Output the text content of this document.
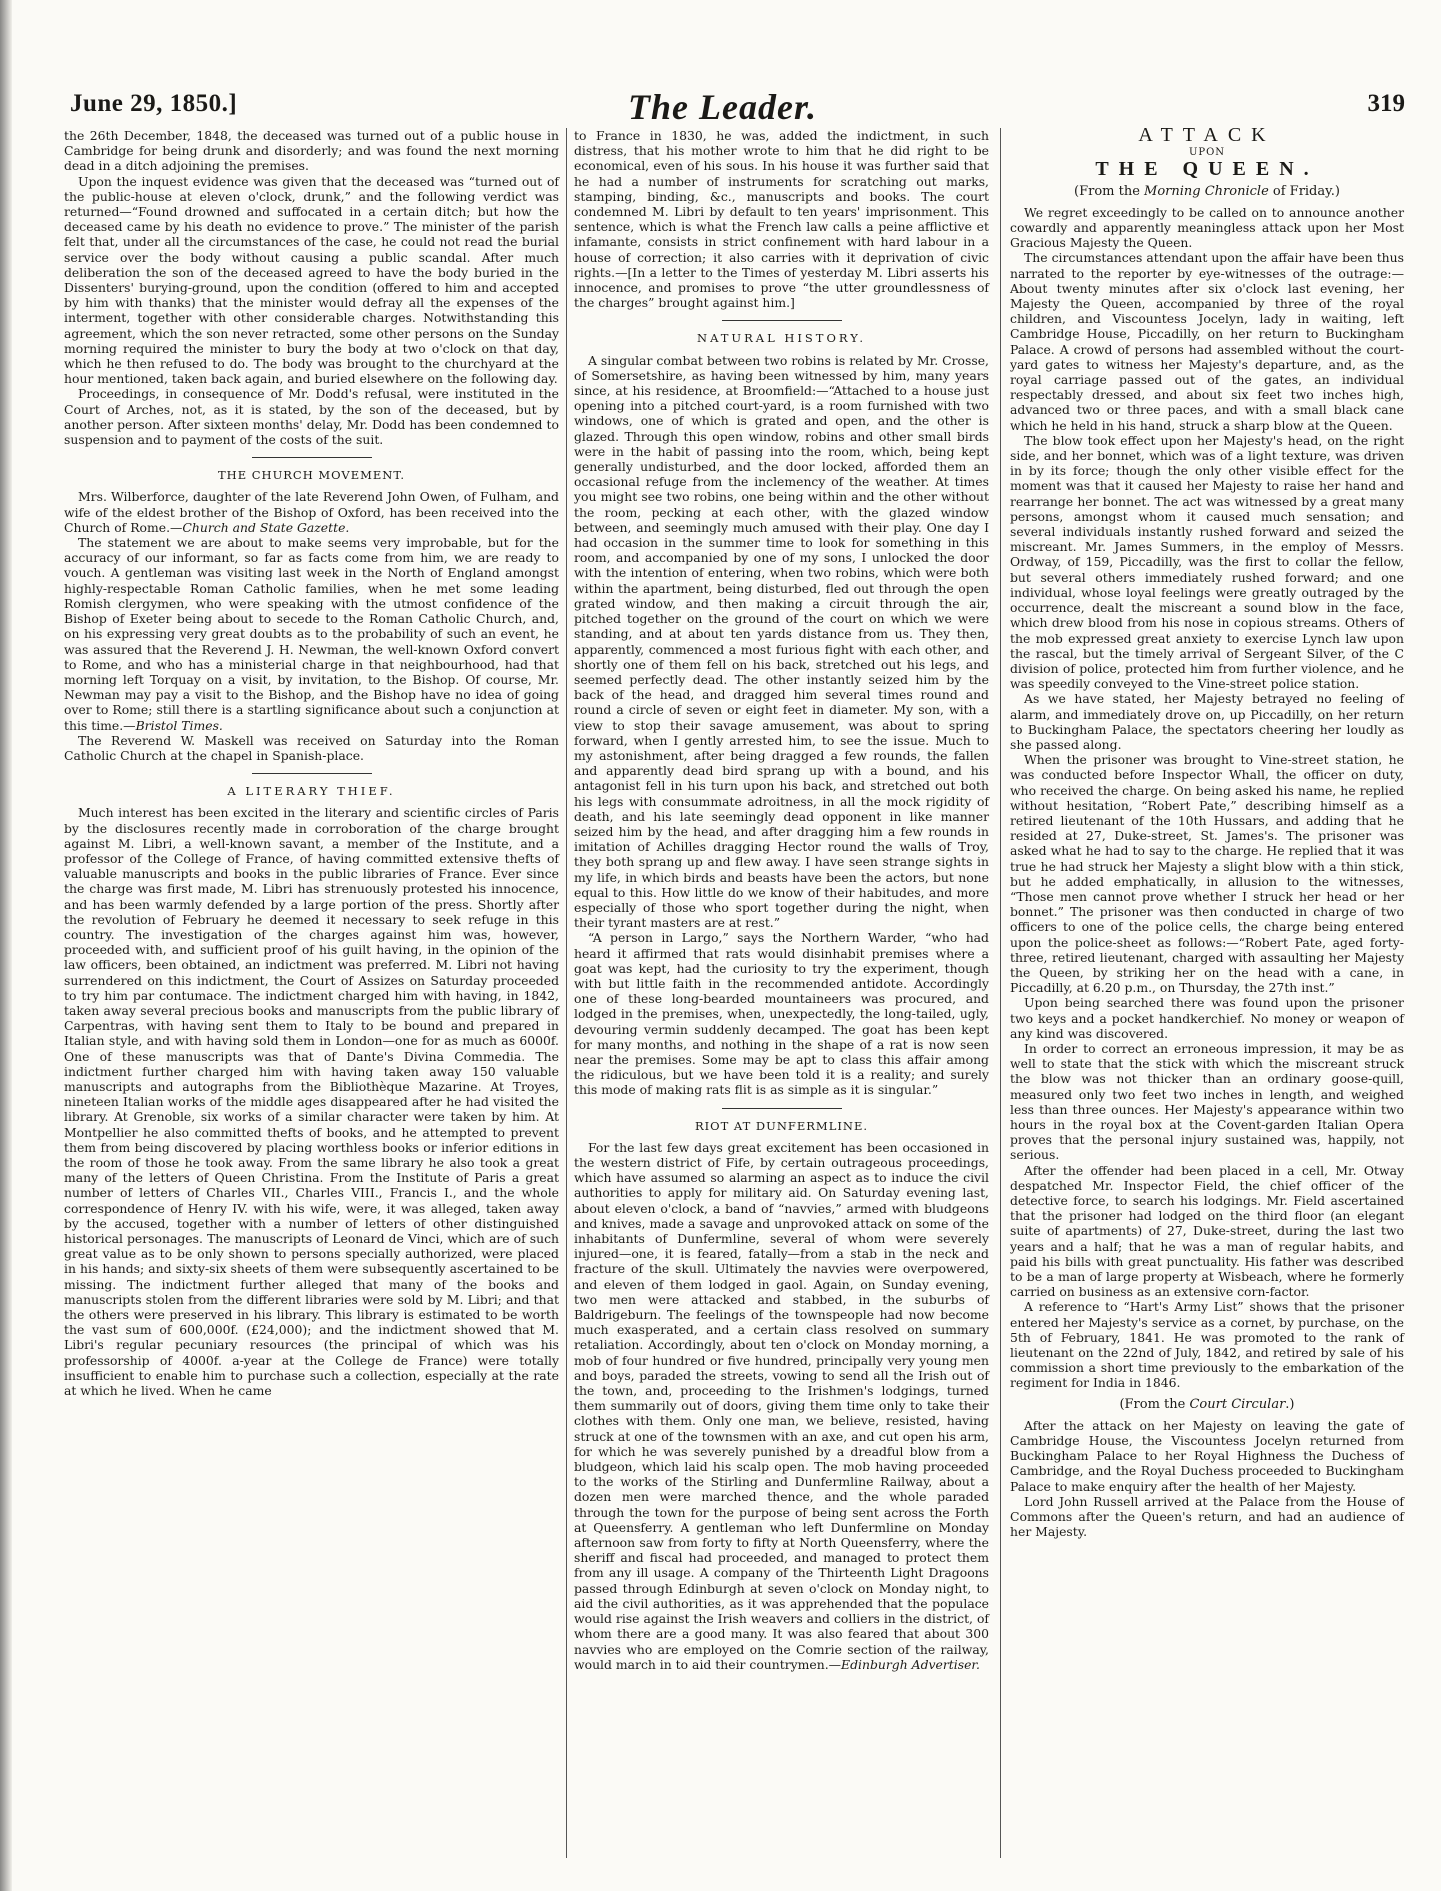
June 29, 1850.]	The Leader.	319

the 26th December, 1848, the deceased was turned out of a public house in Cambridge for being drunk and disorderly; and was found the next morning dead in a ditch adjoining the premises.

Upon the inquest evidence was given that the deceased was “turned out of the public-house at eleven o'clock, drunk,” and the following verdict was returned—“Found drowned and suffocated in a certain ditch; but how the deceased came by his death no evidence to prove.” The minister of the parish felt that, under all the circumstances of the case, he could not read the burial service over the body without causing a public scandal. After much deliberation the son of the deceased agreed to have the body buried in the Dissenters' burying-ground, upon the condition (offered to him and accepted by him with thanks) that the minister would defray all the expenses of the interment, together with other considerable charges. Notwithstanding this agreement, which the son never retracted, some other persons on the Sunday morning required the minister to bury the body at two o'clock on that day, which he then refused to do. The body was brought to the churchyard at the hour mentioned, taken back again, and buried elsewhere on the following day.

Proceedings, in consequence of Mr. Dodd's refusal, were instituted in the Court of Arches, not, as it is stated, by the son of the deceased, but by another person. After sixteen months' delay, Mr. Dodd has been condemned to suspension and to payment of the costs of the suit.

THE CHURCH MOVEMENT.

Mrs. Wilberforce, daughter of the late Reverend John Owen, of Fulham, and wife of the eldest brother of the Bishop of Oxford, has been received into the Church of Rome.—Church and State Gazette.

The statement we are about to make seems very improbable, but for the accuracy of our informant, so far as facts come from him, we are ready to vouch. A gentleman was visiting last week in the North of England amongst highly-respectable Roman Catholic families, when he met some leading Romish clergymen, who were speaking with the utmost confidence of the Bishop of Exeter being about to secede to the Roman Catholic Church, and, on his expressing very great doubts as to the probability of such an event, he was assured that the Reverend J. H. Newman, the well-known Oxford convert to Rome, and who has a ministerial charge in that neighbourhood, had that morning left Torquay on a visit, by invitation, to the Bishop. Of course, Mr. Newman may pay a visit to the Bishop, and the Bishop have no idea of going over to Rome; still there is a startling significance about such a conjunction at this time.—Bristol Times.

The Reverend W. Maskell was received on Saturday into the Roman Catholic Church at the chapel in Spanish-place.

A LITERARY THIEF.

Much interest has been excited in the literary and scientific circles of Paris by the disclosures recently made in corroboration of the charge brought against M. Libri, a well-known savant, a member of the Institute, and a professor of the College of France, of having committed extensive thefts of valuable manuscripts and books in the public libraries of France. Ever since the charge was first made, M. Libri has strenuously protested his innocence, and has been warmly defended by a large portion of the press. Shortly after the revolution of February he deemed it necessary to seek refuge in this country. The investigation of the charges against him was, however, proceeded with, and sufficient proof of his guilt having, in the opinion of the law officers, been obtained, an indictment was preferred. M. Libri not having surrendered on this indictment, the Court of Assizes on Saturday proceeded to try him par contumace. The indictment charged him with having, in 1842, taken away several precious books and manuscripts from the public library of Carpentras, with having sent them to Italy to be bound and prepared in Italian style, and with having sold them in London—one for as much as 6000f. One of these manuscripts was that of Dante's Divina Commedia. The indictment further charged him with having taken away 150 valuable manuscripts and autographs from the Bibliothèque Mazarine. At Troyes, nineteen Italian works of the middle ages disappeared after he had visited the library. At Grenoble, six works of a similar character were taken by him. At Montpellier he also committed thefts of books, and he attempted to prevent them from being discovered by placing worthless books or inferior editions in the room of those he took away. From the same library he also took a great many of the letters of Queen Christina. From the Institute of Paris a great number of letters of Charles VII., Charles VIII., Francis I., and the whole correspondence of Henry IV. with his wife, were, it was alleged, taken away by the accused, together with a number of letters of other distinguished historical personages. The manuscripts of Leonard de Vinci, which are of such great value as to be only shown to persons specially authorized, were placed in his hands; and sixty-six sheets of them were subsequently ascertained to be missing. The indictment further alleged that many of the books and manuscripts stolen from the different libraries were sold by M. Libri; and that the others were preserved in his library. This library is estimated to be worth the vast sum of 600,000f. (£24,000); and the indictment showed that M. Libri's regular pecuniary resources (the principal of which was his professorship of 4000f. a-year at the College de France) were totally insufficient to enable him to purchase such a collection, especially at the rate at which he lived. When he came

to France in 1830, he was, added the indictment, in such distress, that his mother wrote to him that he did right to be economical, even of his sous. In his house it was further said that he had a number of instruments for scratching out marks, stamping, binding, &c., manuscripts and books. The court condemned M. Libri by default to ten years' imprisonment. This sentence, which is what the French law calls a peine afflictive et infamante, consists in strict confinement with hard labour in a house of correction; it also carries with it deprivation of civic rights.—[In a letter to the Times of yesterday M. Libri asserts his innocence, and promises to prove “the utter groundlessness of the charges” brought against him.]

NATURAL HISTORY.

A singular combat between two robins is related by Mr. Crosse, of Somersetshire, as having been witnessed by him, many years since, at his residence, at Broomfield:—“Attached to a house just opening into a pitched court-yard, is a room furnished with two windows, one of which is grated and open, and the other is glazed. Through this open window, robins and other small birds were in the habit of passing into the room, which, being kept generally undisturbed, and the door locked, afforded them an occasional refuge from the inclemency of the weather. At times you might see two robins, one being within and the other without the room, pecking at each other, with the glazed window between, and seemingly much amused with their play. One day I had occasion in the summer time to look for something in this room, and accompanied by one of my sons, I unlocked the door with the intention of entering, when two robins, which were both within the apartment, being disturbed, fled out through the open grated window, and then making a circuit through the air, pitched together on the ground of the court on which we were standing, and at about ten yards distance from us. They then, apparently, commenced a most furious fight with each other, and shortly one of them fell on his back, stretched out his legs, and seemed perfectly dead. The other instantly seized him by the back of the head, and dragged him several times round and round a circle of seven or eight feet in diameter. My son, with a view to stop their savage amusement, was about to spring forward, when I gently arrested him, to see the issue. Much to my astonishment, after being dragged a few rounds, the fallen and apparently dead bird sprang up with a bound, and his antagonist fell in his turn upon his back, and stretched out both his legs with consummate adroitness, in all the mock rigidity of death, and his late seemingly dead opponent in like manner seized him by the head, and after dragging him a few rounds in imitation of Achilles dragging Hector round the walls of Troy, they both sprang up and flew away. I have seen strange sights in my life, in which birds and beasts have been the actors, but none equal to this. How little do we know of their habitudes, and more especially of those who sport together during the night, when their tyrant masters are at rest.”

“A person in Largo,” says the Northern Warder, “who had heard it affirmed that rats would disinhabit premises where a goat was kept, had the curiosity to try the experiment, though with but little faith in the recommended antidote. Accordingly one of these long-bearded mountaineers was procured, and lodged in the premises, when, unexpectedly, the long-tailed, ugly, devouring vermin suddenly decamped. The goat has been kept for many months, and nothing in the shape of a rat is now seen near the premises. Some may be apt to class this affair among the ridiculous, but we have been told it is a reality; and surely this mode of making rats flit is as simple as it is singular.”

RIOT AT DUNFERMLINE.

For the last few days great excitement has been occasioned in the western district of Fife, by certain outrageous proceedings, which have assumed so alarming an aspect as to induce the civil authorities to apply for military aid. On Saturday evening last, about eleven o'clock, a band of “navvies,” armed with bludgeons and knives, made a savage and unprovoked attack on some of the inhabitants of Dunfermline, several of whom were severely injured—one, it is feared, fatally—from a stab in the neck and fracture of the skull. Ultimately the navvies were overpowered, and eleven of them lodged in gaol. Again, on Sunday evening, two men were attacked and stabbed, in the suburbs of Baldrigeburn. The feelings of the townspeople had now become much exasperated, and a certain class resolved on summary retaliation. Accordingly, about ten o'clock on Monday morning, a mob of four hundred or five hundred, principally very young men and boys, paraded the streets, vowing to send all the Irish out of the town, and, proceeding to the Irishmen's lodgings, turned them summarily out of doors, giving them time only to take their clothes with them. Only one man, we believe, resisted, having struck at one of the townsmen with an axe, and cut open his arm, for which he was severely punished by a dreadful blow from a bludgeon, which laid his scalp open. The mob having proceeded to the works of the Stirling and Dunfermline Railway, about a dozen men were marched thence, and the whole paraded through the town for the purpose of being sent across the Forth at Queensferry. A gentleman who left Dunfermline on Monday afternoon saw from forty to fifty at North Queensferry, where the sheriff and fiscal had proceeded, and managed to protect them from any ill usage. A company of the Thirteenth Light Dragoons passed through Edinburgh at seven o'clock on Monday night, to aid the civil authorities, as it was apprehended that the populace would rise against the Irish weavers and colliers in the district, of whom there are a good many. It was also feared that about 300 navvies who are employed on the Comrie section of the railway, would march in to aid their countrymen.—Edinburgh Advertiser.

ATTACK
UPON
THE QUEEN.
(From the Morning Chronicle of Friday.)

We regret exceedingly to be called on to announce another cowardly and apparently meaningless attack upon her Most Gracious Majesty the Queen.

The circumstances attendant upon the affair have been thus narrated to the reporter by eye-witnesses of the outrage:—About twenty minutes after six o'clock last evening, her Majesty the Queen, accompanied by three of the royal children, and Viscountess Jocelyn, lady in waiting, left Cambridge House, Piccadilly, on her return to Buckingham Palace. A crowd of persons had assembled without the court-yard gates to witness her Majesty's departure, and, as the royal carriage passed out of the gates, an individual respectably dressed, and about six feet two inches high, advanced two or three paces, and with a small black cane which he held in his hand, struck a sharp blow at the Queen.

The blow took effect upon her Majesty's head, on the right side, and her bonnet, which was of a light texture, was driven in by its force; though the only other visible effect for the moment was that it caused her Majesty to raise her hand and rearrange her bonnet. The act was witnessed by a great many persons, amongst whom it caused much sensation; and several individuals instantly rushed forward and seized the miscreant. Mr. James Summers, in the employ of Messrs. Ordway, of 159, Piccadilly, was the first to collar the fellow, but several others immediately rushed forward; and one individual, whose loyal feelings were greatly outraged by the occurrence, dealt the miscreant a sound blow in the face, which drew blood from his nose in copious streams. Others of the mob expressed great anxiety to exercise Lynch law upon the rascal, but the timely arrival of Sergeant Silver, of the C division of police, protected him from further violence, and he was speedily conveyed to the Vine-street police station.

As we have stated, her Majesty betrayed no feeling of alarm, and immediately drove on, up Piccadilly, on her return to Buckingham Palace, the spectators cheering her loudly as she passed along.

When the prisoner was brought to Vine-street station, he was conducted before Inspector Whall, the officer on duty, who received the charge. On being asked his name, he replied without hesitation, “Robert Pate,” describing himself as a retired lieutenant of the 10th Hussars, and adding that he resided at 27, Duke-street, St. James's. The prisoner was asked what he had to say to the charge. He replied that it was true he had struck her Majesty a slight blow with a thin stick, but he added emphatically, in allusion to the witnesses, “Those men cannot prove whether I struck her head or her bonnet.” The prisoner was then conducted in charge of two officers to one of the police cells, the charge being entered upon the police-sheet as follows:—“Robert Pate, aged forty-three, retired lieutenant, charged with assaulting her Majesty the Queen, by striking her on the head with a cane, in Piccadilly, at 6.20 p.m., on Thursday, the 27th inst.”

Upon being searched there was found upon the prisoner two keys and a pocket handkerchief. No money or weapon of any kind was discovered.

In order to correct an erroneous impression, it may be as well to state that the stick with which the miscreant struck the blow was not thicker than an ordinary goose-quill, measured only two feet two inches in length, and weighed less than three ounces. Her Majesty's appearance within two hours in the royal box at the Covent-garden Italian Opera proves that the personal injury sustained was, happily, not serious.

After the offender had been placed in a cell, Mr. Otway despatched Mr. Inspector Field, the chief officer of the detective force, to search his lodgings. Mr. Field ascertained that the prisoner had lodged on the third floor (an elegant suite of apartments) of 27, Duke-street, during the last two years and a half; that he was a man of regular habits, and paid his bills with great punctuality. His father was described to be a man of large property at Wisbeach, where he formerly carried on business as an extensive corn-factor.

A reference to “Hart's Army List” shows that the prisoner entered her Majesty's service as a cornet, by purchase, on the 5th of February, 1841. He was promoted to the rank of lieutenant on the 22nd of July, 1842, and retired by sale of his commission a short time previously to the embarkation of the regiment for India in 1846.

(From the Court Circular.)

After the attack on her Majesty on leaving the gate of Cambridge House, the Viscountess Jocelyn returned from Buckingham Palace to her Royal Highness the Duchess of Cambridge, and the Royal Duchess proceeded to Buckingham Palace to make enquiry after the health of her Majesty.

Lord John Russell arrived at the Palace from the House of Commons after the Queen's return, and had an audience of her Majesty.
